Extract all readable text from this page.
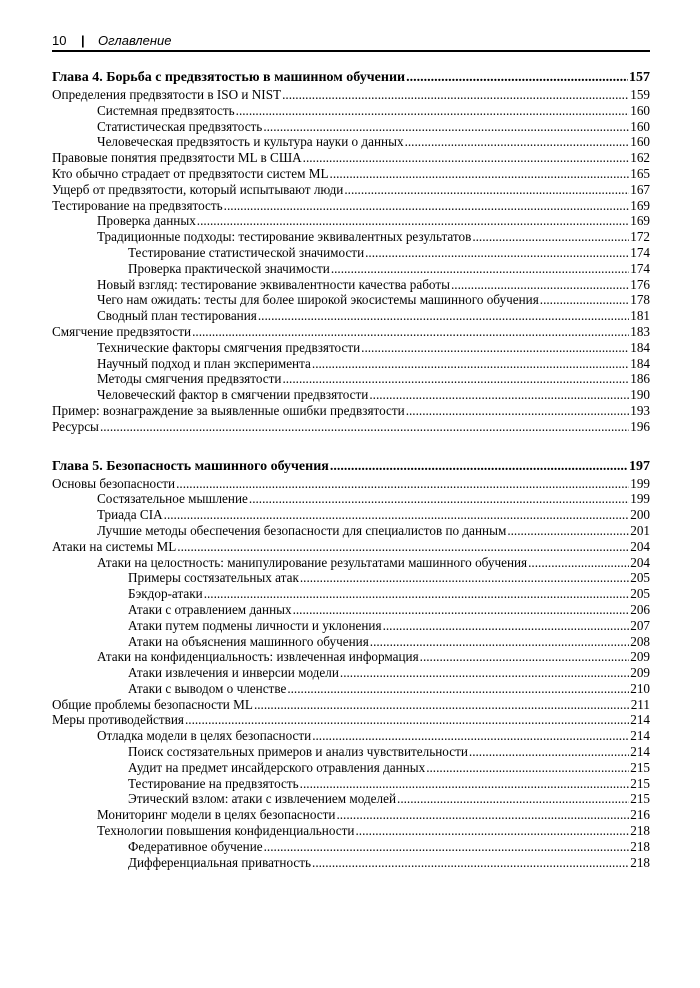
10 | Оглавление
Глава 4. Борьба с предвзятостью в машинном обучении .....	157
Определения предвзятости в ISO и NIST .....	159
Системная предвзятость .....	160
Статистическая предвзятость .....	160
Человеческая предвзятость и культура науки о данных .....	160
Правовые понятия предвзятости ML в США .....	162
Кто обычно страдает от предвзятости систем ML .....	165
Ущерб от предвзятости, который испытывают люди .....	167
Тестирование на предвзятость .....	169
Проверка данных .....	169
Традиционные подходы: тестирование эквивалентных результатов .....	172
Тестирование статистической значимости .....	174
Проверка практической значимости .....	174
Новый взгляд: тестирование эквивалентности качества работы .....	176
Чего нам ожидать: тесты для более широкой экосистемы машинного обучения .....	178
Сводный план тестирования .....	181
Смягчение предвзятости .....	183
Технические факторы смягчения предвзятости .....	184
Научный подход и план эксперимента .....	184
Методы смягчения предвзятости .....	186
Человеческий фактор в смягчении предвзятости .....	190
Пример: вознаграждение за выявленные ошибки предвзятости .....	193
Ресурсы .....	196
Глава 5. Безопасность машинного обучения .....	197
Основы безопасности .....	199
Состязательное мышление .....	199
Триада CIA .....	200
Лучшие методы обеспечения безопасности для специалистов по данным .....	201
Атаки на системы ML .....	204
Атаки на целостность: манипулирование результатами машинного обучения .....	204
Примеры состязательных атак .....	205
Бэкдор-атаки .....	205
Атаки с отравлением данных .....	206
Атаки путем подмены личности и уклонения .....	207
Атаки на объяснения машинного обучения .....	208
Атаки на конфиденциальность: извлеченная информация .....	209
Атаки извлечения и инверсии модели .....	209
Атаки с выводом о членстве .....	210
Общие проблемы безопасности ML .....	211
Меры противодействия .....	214
Отладка модели в целях безопасности .....	214
Поиск состязательных примеров и анализ чувствительности .....	214
Аудит на предмет инсайдерского отравления данных .....	215
Тестирование на предвзятость .....	215
Этический взлом: атаки с извлечением моделей .....	215
Мониторинг модели в целях безопасности .....	216
Технологии повышения конфиденциальности .....	218
Федеративное обучение .....	218
Дифференциальная приватность .....	218
